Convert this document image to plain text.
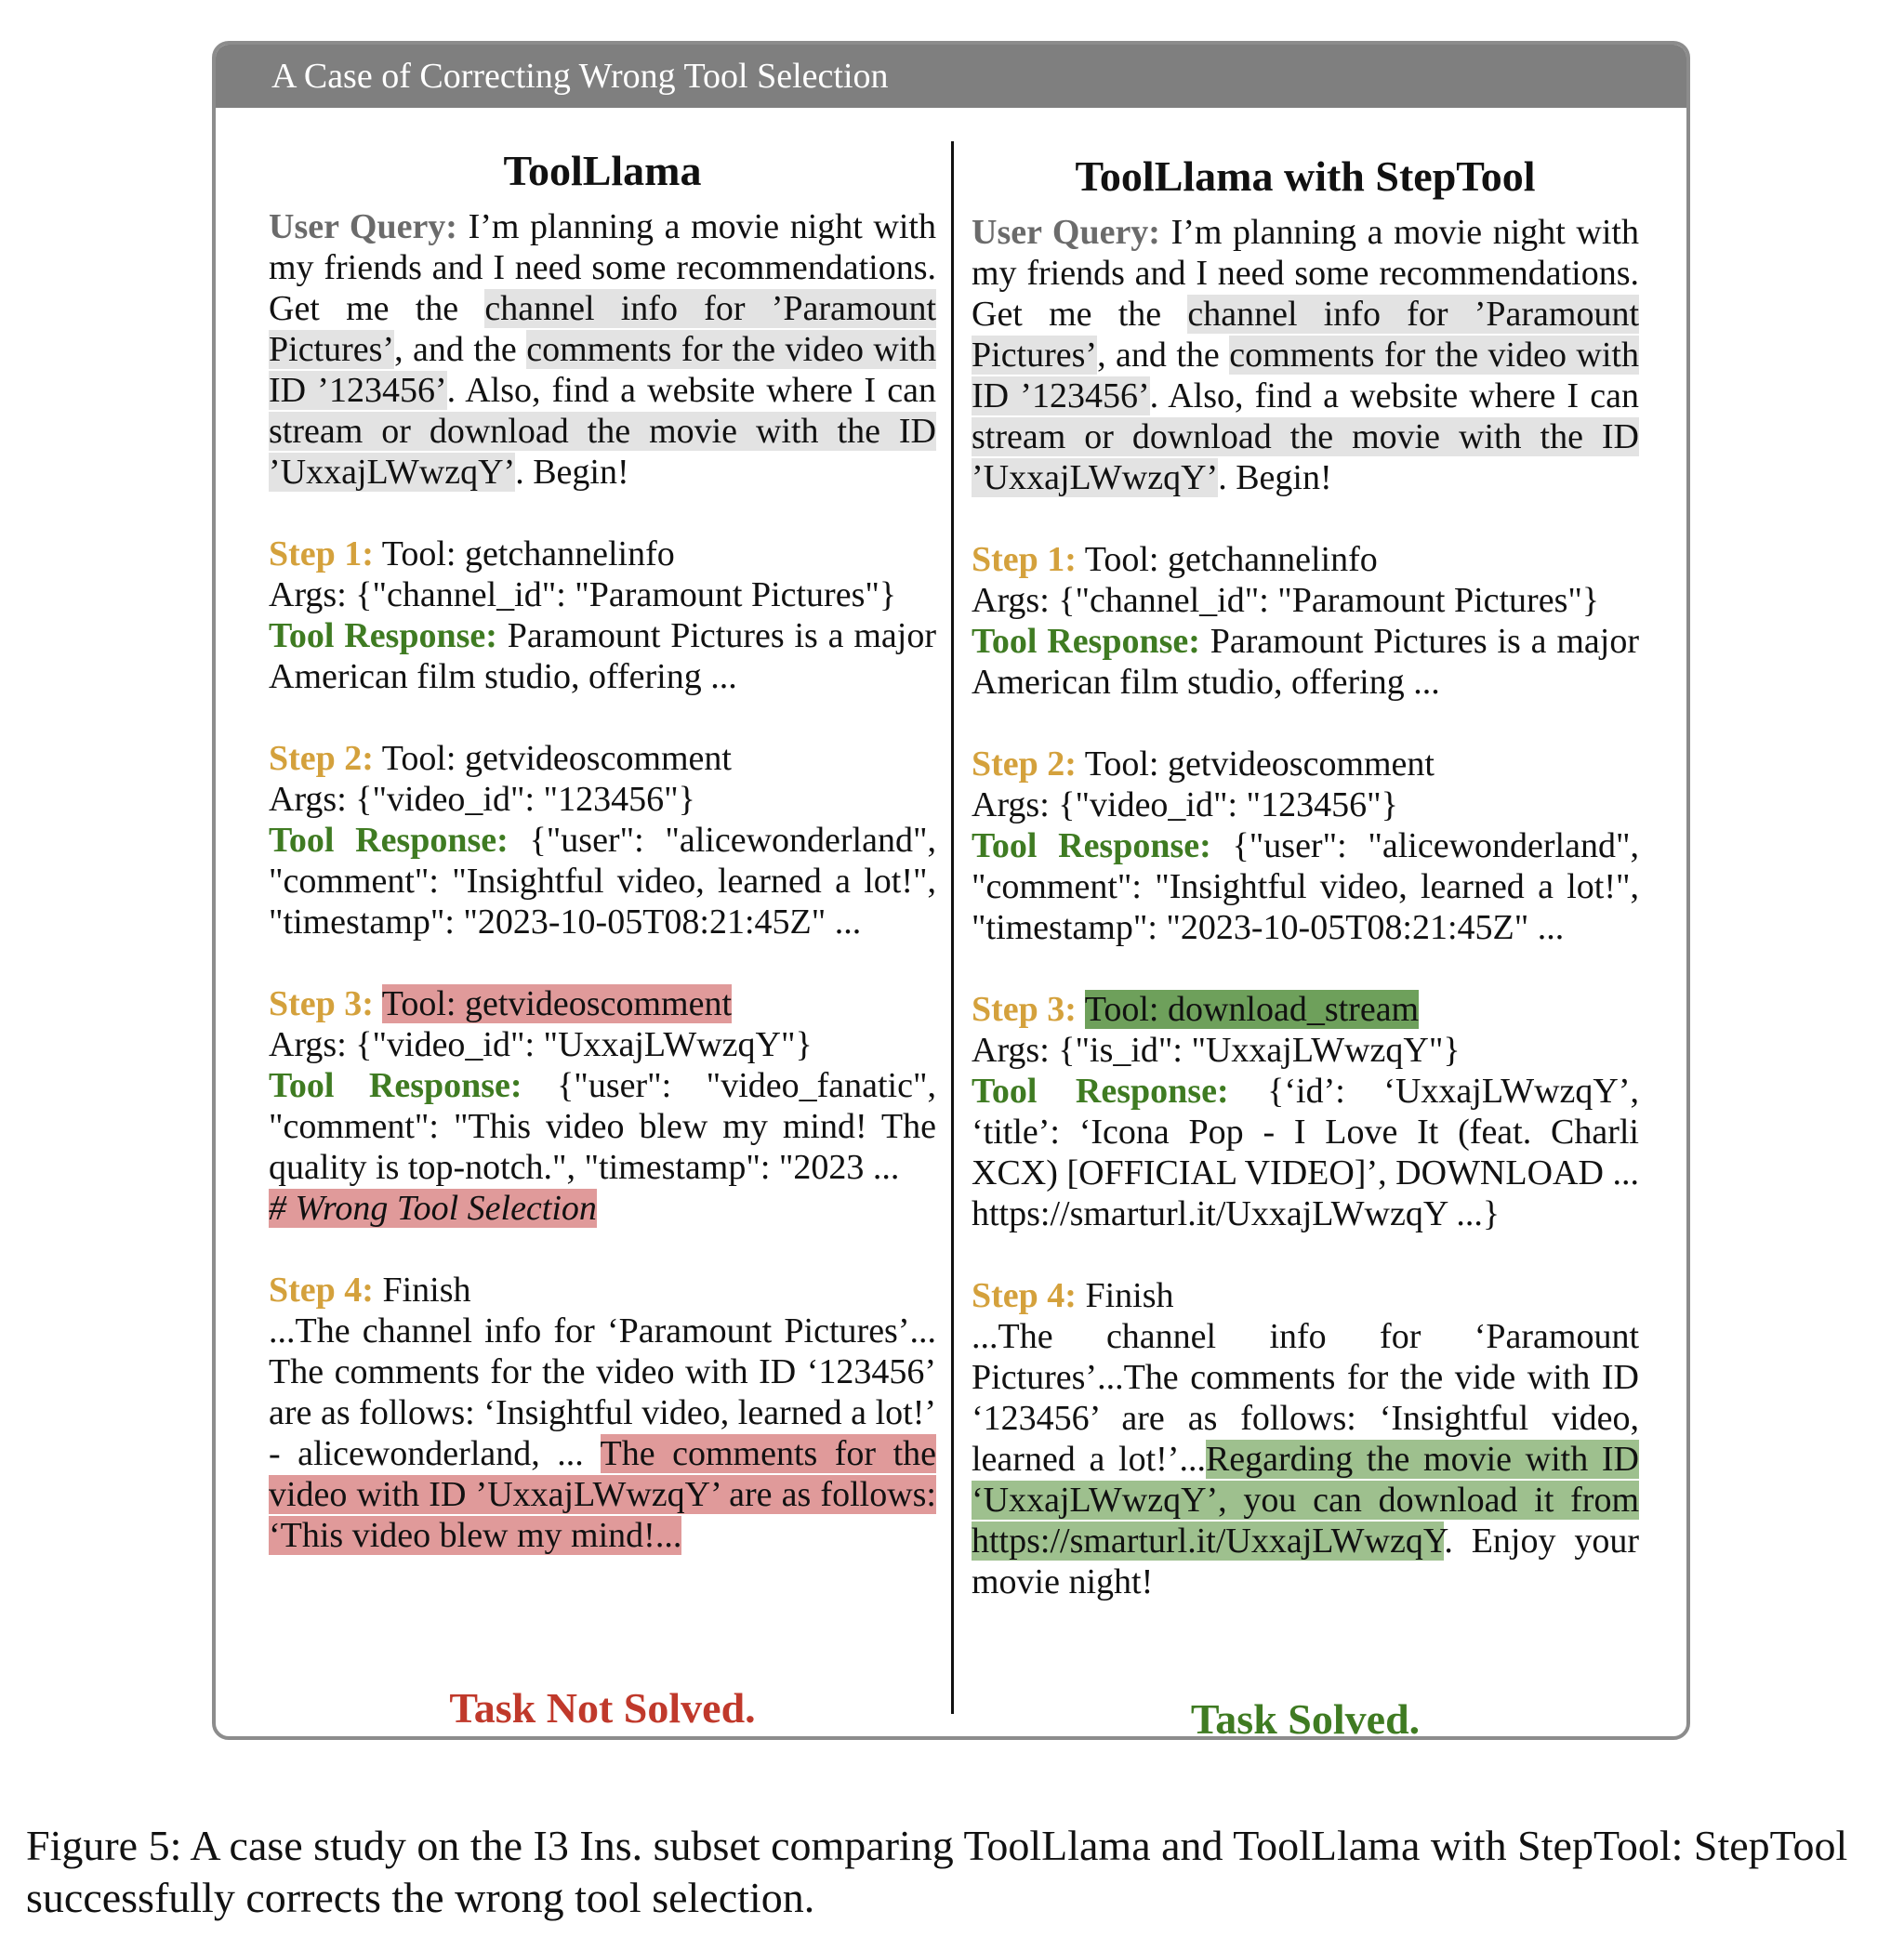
A Case of Correcting Wrong Tool Selection
ToolLlama
User Query: I’m planning a movie night with my friends and I need some recommendations. Get me the channel info for ’Paramount Pictures’, and the comments for the video with ID ’123456’. Also, find a website where I can stream or download the movie with the ID ’UxxajLWwzqY’. Begin!
Step 1: Tool: getchannelinfo
Args: {"channel_id": "Paramount Pictures"}
Tool Response: Paramount Pictures is a major American film studio, offering ...
Step 2: Tool: getvideoscomment
Args: {"video_id": "123456"}
Tool Response: {"user": "alicewonderland", "comment": "Insightful video, learned a lot!", "timestamp": "2023-10-05T08:21:45Z" ...
Step 3: Tool: getvideoscomment
Args: {"video_id": "UxxajLWwzqY"}
Tool Response: {"user": "video_fanatic", "comment": "This video blew my mind! The quality is top-notch.", "timestamp": "2023 ...
# Wrong Tool Selection
Step 4: Finish
...The channel info for ‘Paramount Pictures’... The comments for the video with ID ‘123456’ are as follows: ‘Insightful video, learned a lot!’ - alicewonderland, ... The comments for the video with ID ’UxxajLWwzqY’ are as follows: ‘This video blew my mind!...
Task Not Solved.
ToolLlama with StepTool
User Query: I’m planning a movie night with my friends and I need some recommendations. Get me the channel info for ’Paramount Pictures’, and the comments for the video with ID ’123456’. Also, find a website where I can stream or download the movie with the ID ’UxxajLWwzqY’. Begin!
Step 1: Tool: getchannelinfo
Args: {"channel_id": "Paramount Pictures"}
Tool Response: Paramount Pictures is a major American film studio, offering ...
Step 2: Tool: getvideoscomment
Args: {"video_id": "123456"}
Tool Response: {"user": "alicewonderland", "comment": "Insightful video, learned a lot!", "timestamp": "2023-10-05T08:21:45Z" ...
Step 3: Tool: download_stream
Args: {"is_id": "UxxajLWwzqY"}
Tool Response: {‘id’: ‘UxxajLWwzqY’, ‘title’: ‘Icona Pop - I Love It (feat. Charli XCX) [OFFICIAL VIDEO]’, DOWNLOAD ... https://smarturl.it/UxxajLWwzqY ...}
Step 4: Finish
...The channel info for ‘Paramount Pictures’...The comments for the vide with ID ‘123456’ are as follows: ‘Insightful video, learned a lot!’...Regarding the movie with ID ‘UxxajLWwzqY’, you can download it from https://smarturl.it/UxxajLWwzqY. Enjoy your movie night!
Task Solved.
Figure 5: A case study on the I3 Ins. subset comparing ToolLlama and ToolLlama with StepTool: StepTool successfully corrects the wrong tool selection.
